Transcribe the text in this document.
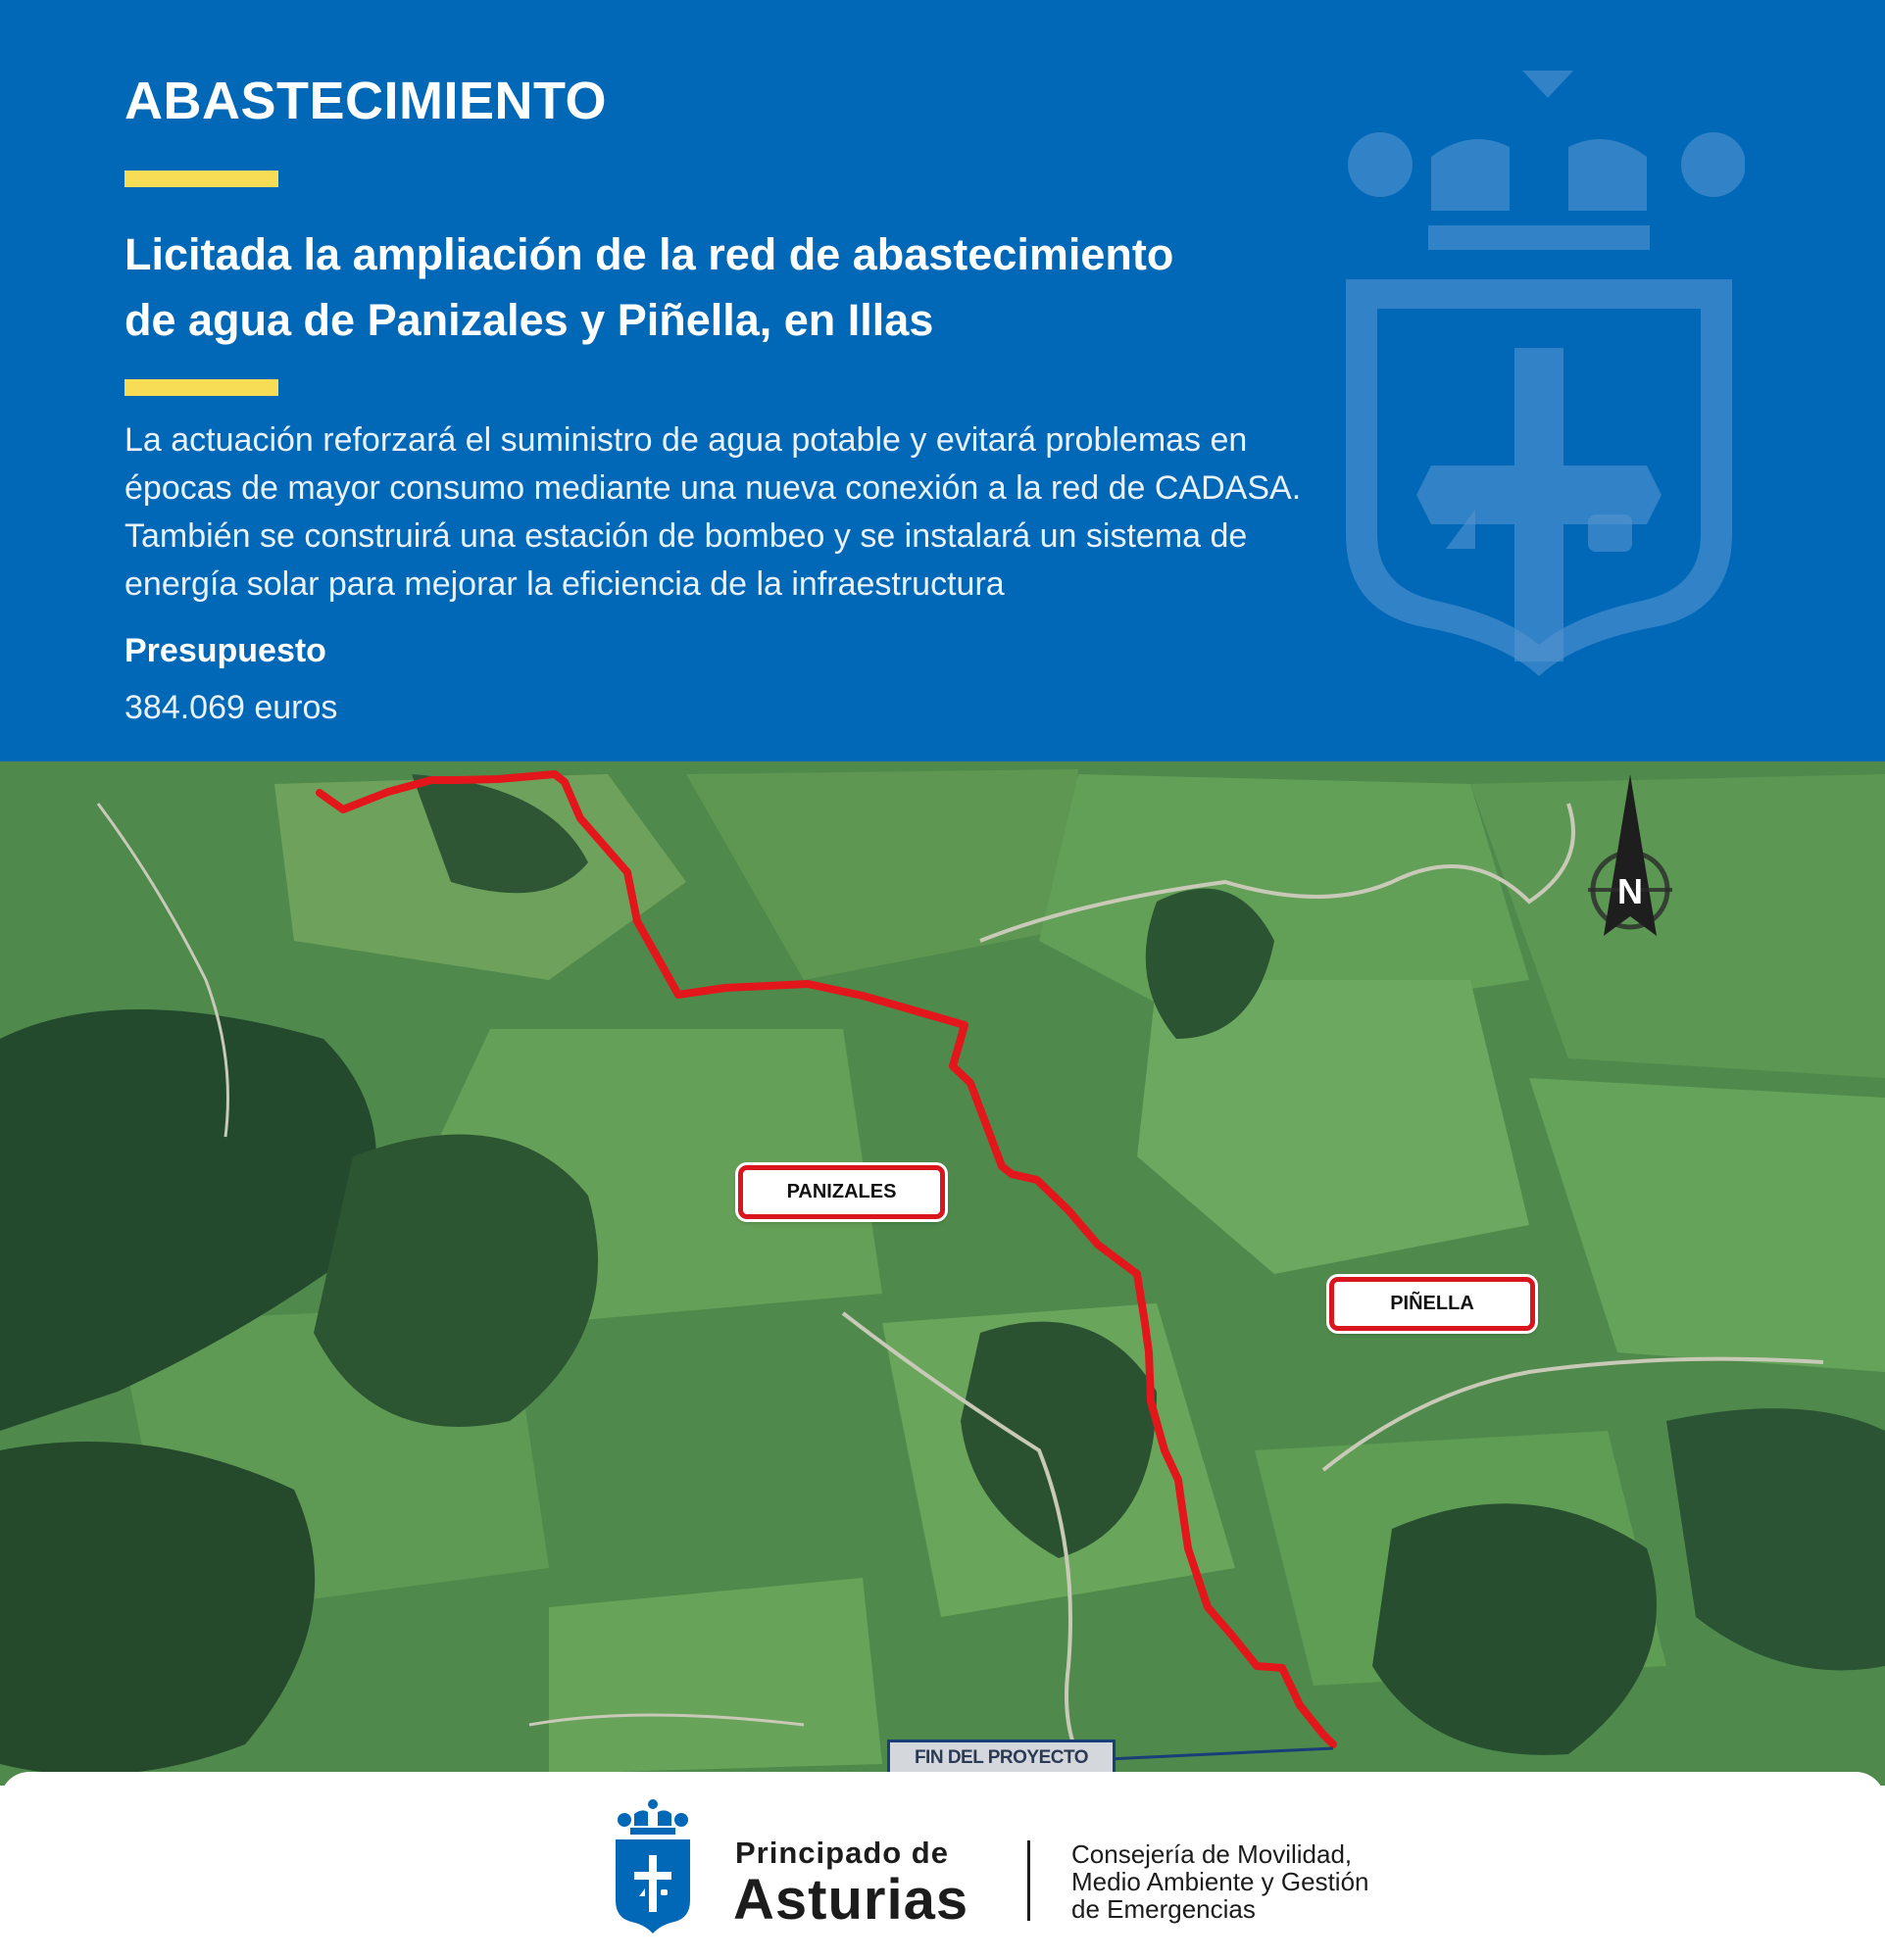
ABASTECIMIENTO
Licitada la ampliación de la red de abastecimiento
de agua de Panizales y Piñella, en Illas
La actuación reforzará el suministro de agua potable y evitará problemas en épocas de mayor consumo mediante una nueva conexión a la red de CADASA. También se construirá una estación de bombeo y se instalará un sistema de energía solar para mejorar la eficiencia de la infraestructura
Presupuesto
384.069 euros
N
PANIZALES
PIÑELLA
FIN DEL PROYECTO
Principado de
Asturias
Consejería de Movilidad,
Medio Ambiente y Gestión
de Emergencias
